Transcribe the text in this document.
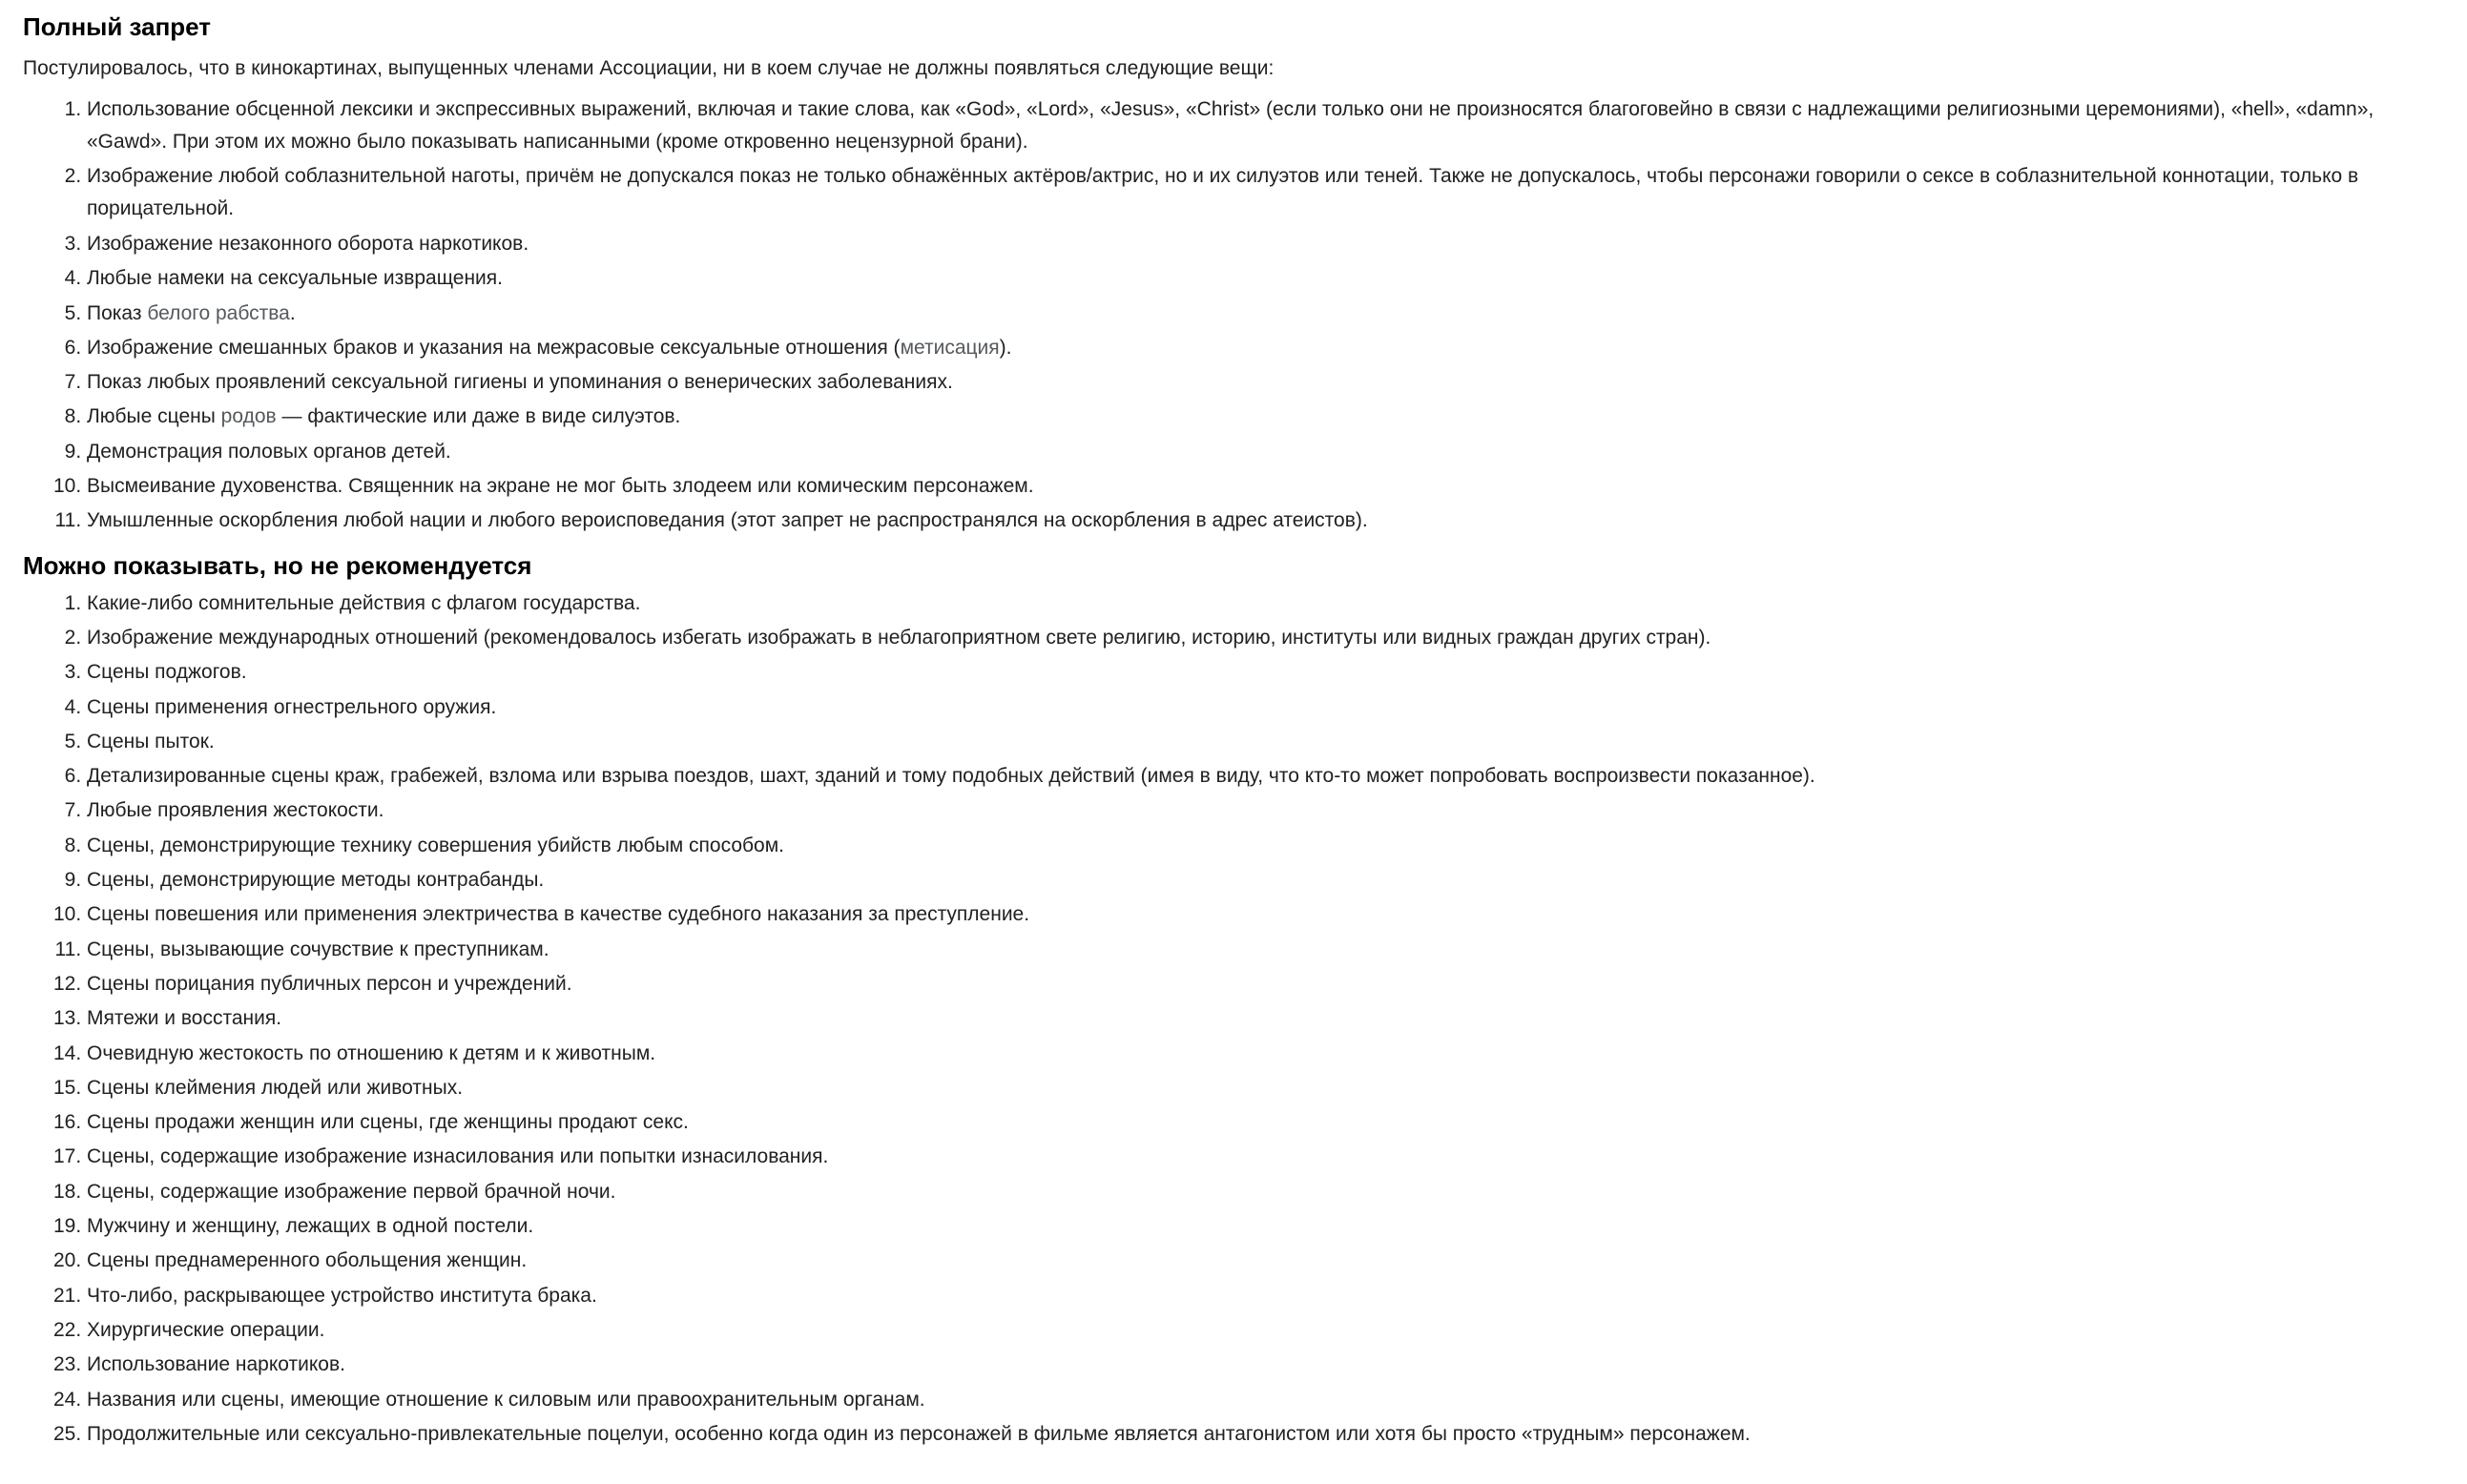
Полный запрет

Постулировалось, что в кинокартинах, выпущенных членами Ассоциации, ни в коем случае не должны появляться следующие вещи:

1. Использование обсценной лексики и экспрессивных выражений, включая и такие слова, как «God», «Lord», «Jesus», «Christ» (если только они не произносятся благоговейно в связи с надлежащими религиозными церемониями), «hell», «damn», «Gawd». При этом их можно было показывать написанными (кроме откровенно нецензурной брани).
2. Изображение любой соблазнительной наготы, причём не допускался показ не только обнажённых актёров/актрис, но и их силуэтов или теней. Также не допускалось, чтобы персонажи говорили о сексе в соблазнительной коннотации, только в порицательной.
3. Изображение незаконного оборота наркотиков.
4. Любые намеки на сексуальные извращения.
5. Показ белого рабства.
6. Изображение смешанных браков и указания на межрасовые сексуальные отношения (метисация).
7. Показ любых проявлений сексуальной гигиены и упоминания о венерических заболеваниях.
8. Любые сцены родов — фактические или даже в виде силуэтов.
9. Демонстрация половых органов детей.
10. Высмеивание духовенства. Священник на экране не мог быть злодеем или комическим персонажем.
11. Умышленные оскорбления любой нации и любого вероисповедания (этот запрет не распространялся на оскорбления в адрес атеистов).
Можно показывать, но не рекомендуется
1. Какие-либо сомнительные действия с флагом государства.
2. Изображение международных отношений (рекомендовалось избегать изображать в неблагоприятном свете религию, историю, институты или видных граждан других стран).
3. Сцены поджогов.
4. Сцены применения огнестрельного оружия.
5. Сцены пыток.
6. Детализированные сцены краж, грабежей, взлома или взрыва поездов, шахт, зданий и тому подобных действий (имея в виду, что кто-то может попробовать воспроизвести показанное).
7. Любые проявления жестокости.
8. Сцены, демонстрирующие технику совершения убийств любым способом.
9. Сцены, демонстрирующие методы контрабанды.
10. Сцены повешения или применения электричества в качестве судебного наказания за преступление.
11. Сцены, вызывающие сочувствие к преступникам.
12. Сцены порицания публичных персон и учреждений.
13. Мятежи и восстания.
14. Очевидную жестокость по отношению к детям и к животным.
15. Сцены клеймения людей или животных.
16. Сцены продажи женщин или сцены, где женщины продают секс.
17. Сцены, содержащие изображение изнасилования или попытки изнасилования.
18. Сцены, содержащие изображение первой брачной ночи.
19. Мужчину и женщину, лежащих в одной постели.
20. Сцены преднамеренного обольщения женщин.
21. Что-либо, раскрывающее устройство института брака.
22. Хирургические операции.
23. Использование наркотиков.
24. Названия или сцены, имеющие отношение к силовым или правоохранительным органам.
25. Продолжительные или сексуально-привлекательные поцелуи, особенно когда один из персонажей в фильме является антагонистом или хотя бы просто «трудным» персонажем.
